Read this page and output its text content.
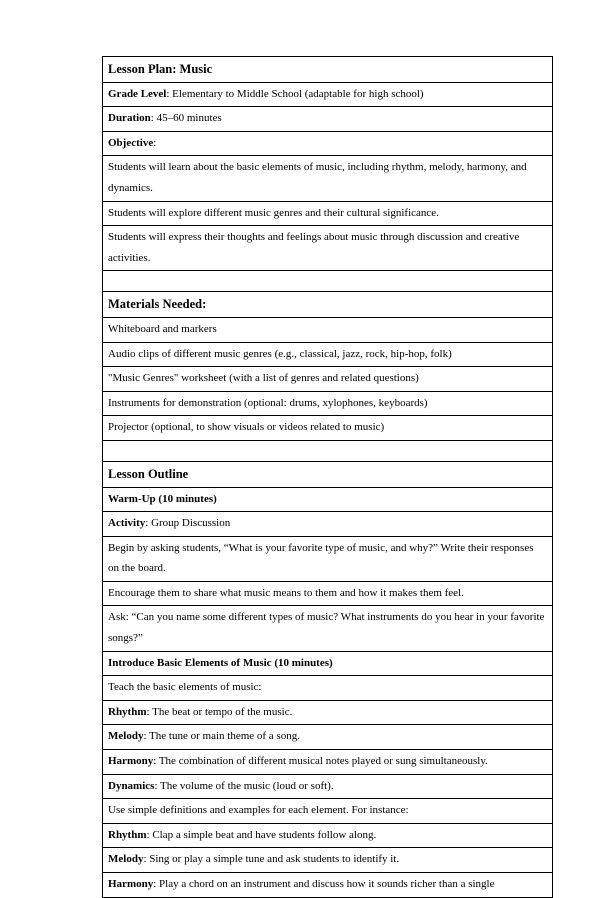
Lesson Plan: Music
Grade Level: Elementary to Middle School (adaptable for high school)
Duration: 45–60 minutes
Objective:
Students will learn about the basic elements of music, including rhythm, melody, harmony, and dynamics.
Students will explore different music genres and their cultural significance.
Students will express their thoughts and feelings about music through discussion and creative activities.

Materials Needed:
Whiteboard and markers
Audio clips of different music genres (e.g., classical, jazz, rock, hip-hop, folk)
"Music Genres" worksheet (with a list of genres and related questions)
Instruments for demonstration (optional: drums, xylophones, keyboards)
Projector (optional, to show visuals or videos related to music)

Lesson Outline
Warm-Up (10 minutes)
Activity: Group Discussion
Begin by asking students, “What is your favorite type of music, and why?” Write their responses on the board.
Encourage them to share what music means to them and how it makes them feel.
Ask: “Can you name some different types of music? What instruments do you hear in your favorite songs?”
Introduce Basic Elements of Music (10 minutes)
Teach the basic elements of music:
Rhythm: The beat or tempo of the music.
Melody: The tune or main theme of a song.
Harmony: The combination of different musical notes played or sung simultaneously.
Dynamics: The volume of the music (loud or soft).
Use simple definitions and examples for each element. For instance:
Rhythm: Clap a simple beat and have students follow along.
Melody: Sing or play a simple tune and ask students to identify it.
Harmony: Play a chord on an instrument and discuss how it sounds richer than a single
